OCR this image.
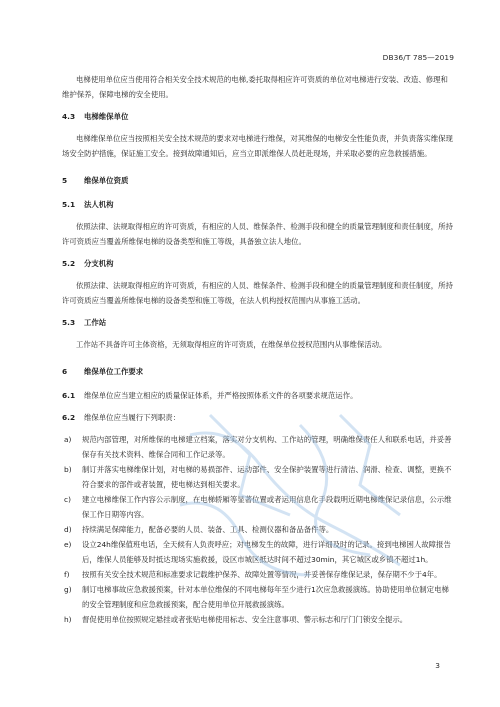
DB36/T 785—2019

电梯使用单位应当使用符合相关安全技术规范的电梯,委托取得相应许可资质的单位对电梯进行安装、改造、修理和维护保养，保障电梯的安全使用。

4.3 电梯维保单位

电梯维保单位应当按照相关安全技术规范的要求对电梯进行维保，对其维保的电梯安全性能负责，并负责落实维保现场安全防护措施，保证施工安全。接到故障通知后，应当立即派维保人员赶赴现场，并采取必要的应急救援措施。

5 维保单位资质

5.1 法人机构

依照法律、法规取得相应的许可资质，有相应的人员、维保条件、检测手段和健全的质量管理制度和责任制度，所持许可资质应当覆盖所维保电梯的设备类型和施工等级，具备独立法人地位。

5.2 分支机构

依照法律、法规取得相应的许可资质，有相应的人员、维保条件、检测手段和健全的质量管理制度和责任制度，所持许可资质应当覆盖所维保电梯的设备类型和施工等级，在法人机构授权范围内从事施工活动。

5.3 工作站

工作站不具备许可主体资格，无须取得相应的许可资质，在维保单位授权范围内从事维保活动。

6 维保单位工作要求

6.1 维保单位应当建立相应的质量保证体系，并严格按照体系文件的各项要求规范运作。

6.2 维保单位应当履行下列职责：

a) 规范内部管理，对所维保的电梯建立档案，落实对分支机构、工作站的管理，明确维保责任人和联系电话，并妥善保存有关技术资料、维保合同和工作记录等。
b) 制订并落实电梯维保计划，对电梯的易损部件、运动部件、安全保护装置等进行清洁、润滑、检查、调整，更换不符合要求的部件或者装置，使电梯达到相关要求。
c) 建立电梯维保工作内容公示制度，在电梯轿厢等显著位置或者运用信息化手段载明近期电梯维保记录信息，公示维保工作日期等内容。
d) 持续满足保障能力，配备必要的人员、装备、工具、检测仪器和备品备件等。
e) 设立24h维保值班电话，全天候有人负责呼应；对电梯发生的故障，进行详细及时的记录。接到电梯困人故障报告后，维保人员能够及时抵达现场实施救援，设区市城区抵达时间不超过30min，其它城区或乡镇不超过1h。
f) 按照有关安全技术规范和标准要求记载维护保养、故障处置等情况，并妥善保存维保记录，保存期不少于4年。
g) 制订电梯事故应急救援预案，针对本单位维保的不同电梯每年至少进行1次应急救援演练。协助使用单位制定电梯的安全管理制度和应急救援预案，配合使用单位开展救援演练。
h) 督促使用单位按照规定悬挂或者张贴电梯使用标志、安全注意事项、警示标志和厅门门锁安全提示。
3
